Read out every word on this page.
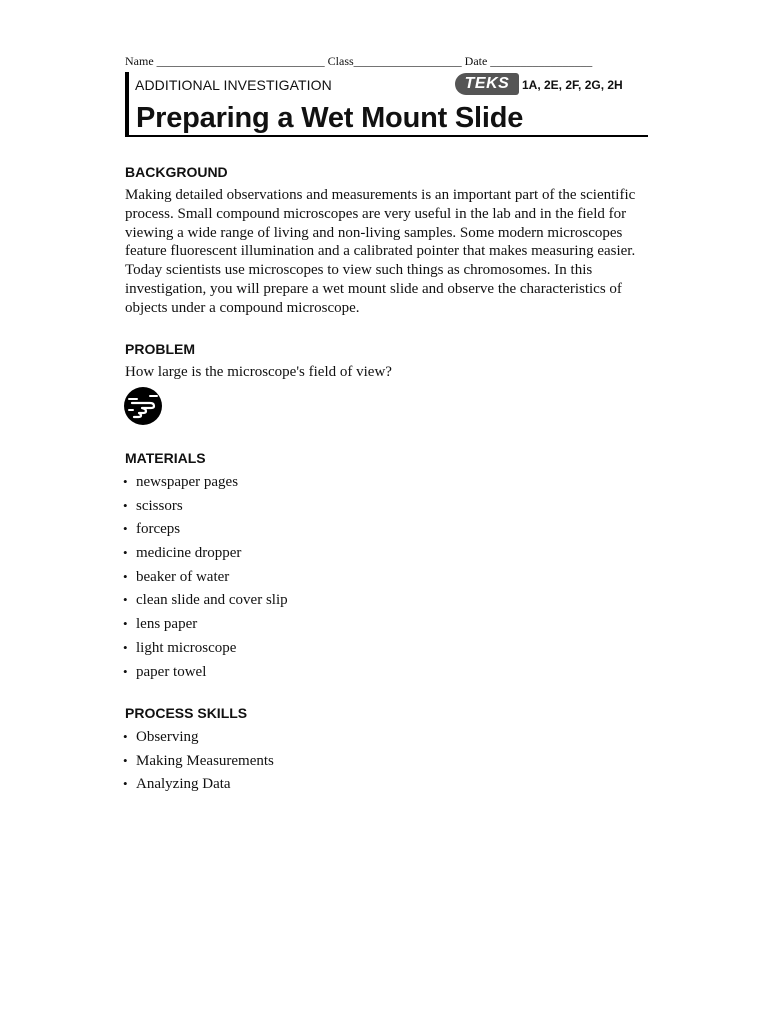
Name ____________________________ Class__________________ Date _________________
ADDITIONAL INVESTIGATION	TEKS	1A, 2E, 2F, 2G, 2H
Preparing a Wet Mount Slide
BACKGROUND
Making detailed observations and measurements is an important part of the scientific process. Small compound microscopes are very useful in the lab and in the field for viewing a wide range of living and non-living samples. Some modern microscopes feature fluorescent illumination and a calibrated pointer that makes measuring easier. Today scientists use microscopes to view such things as chromosomes. In this investigation, you will prepare a wet mount slide and observe the characteristics of objects under a compound microscope.
PROBLEM
How large is the microscope's field of view?
MATERIALS
• newspaper pages
• scissors
• forceps
• medicine dropper
• beaker of water
• clean slide and cover slip
• lens paper
• light microscope
• paper towel
PROCESS SKILLS
• Observing
• Making Measurements
• Analyzing Data
